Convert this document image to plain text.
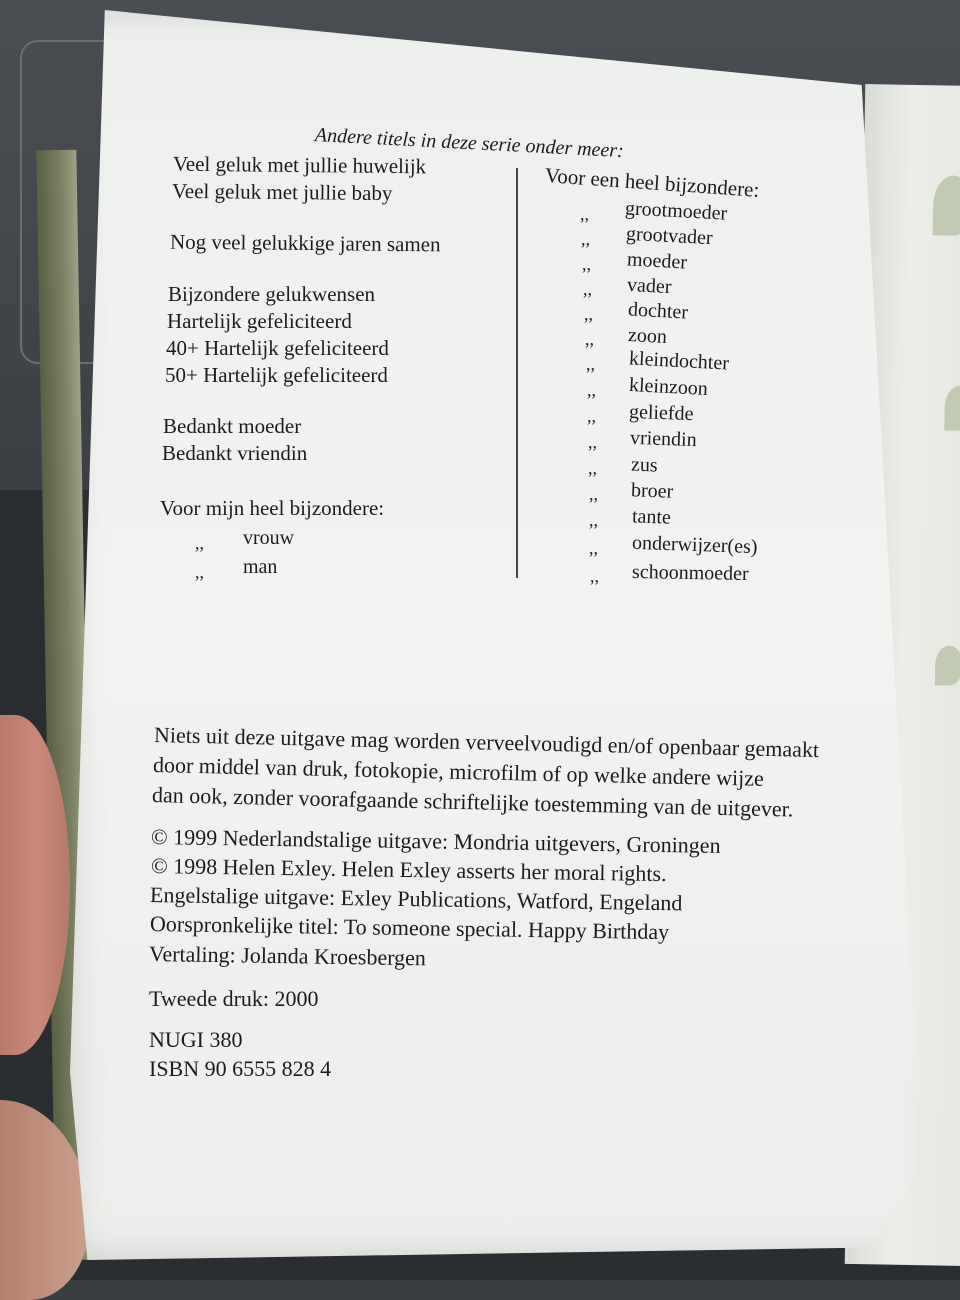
Andere titels in deze serie onder meer:
Veel geluk met jullie huwelijk
Veel geluk met jullie baby
Nog veel gelukkige jaren samen
Bijzondere gelukwensen
Hartelijk gefeliciteerd
40+ Hartelijk gefeliciteerd
50+ Hartelijk gefeliciteerd
Bedankt moeder
Bedankt vriendin
Voor mijn heel bijzondere:
,, vrouw
,, man
Voor een heel bijzondere:
,, grootmoeder
,, grootvader
,, moeder
,, vader
,, dochter
,, zoon
,, kleindochter
,, kleinzoon
,, geliefde
,, vriendin
,, zus
,, broer
,, tante
,, onderwijzer(es)
,, schoonmoeder
Niets uit deze uitgave mag worden verveelvoudigd en/of openbaar gemaakt
door middel van druk, fotokopie, microfilm of op welke andere wijze
dan ook, zonder voorafgaande schriftelijke toestemming van de uitgever.
© 1999 Nederlandstalige uitgave: Mondria uitgevers, Groningen
© 1998 Helen Exley. Helen Exley asserts her moral rights.
Engelstalige uitgave: Exley Publications, Watford, Engeland
Oorspronkelijke titel: To someone special. Happy Birthday
Vertaling: Jolanda Kroesbergen
Tweede druk: 2000
NUGI 380
ISBN 90 6555 828 4
